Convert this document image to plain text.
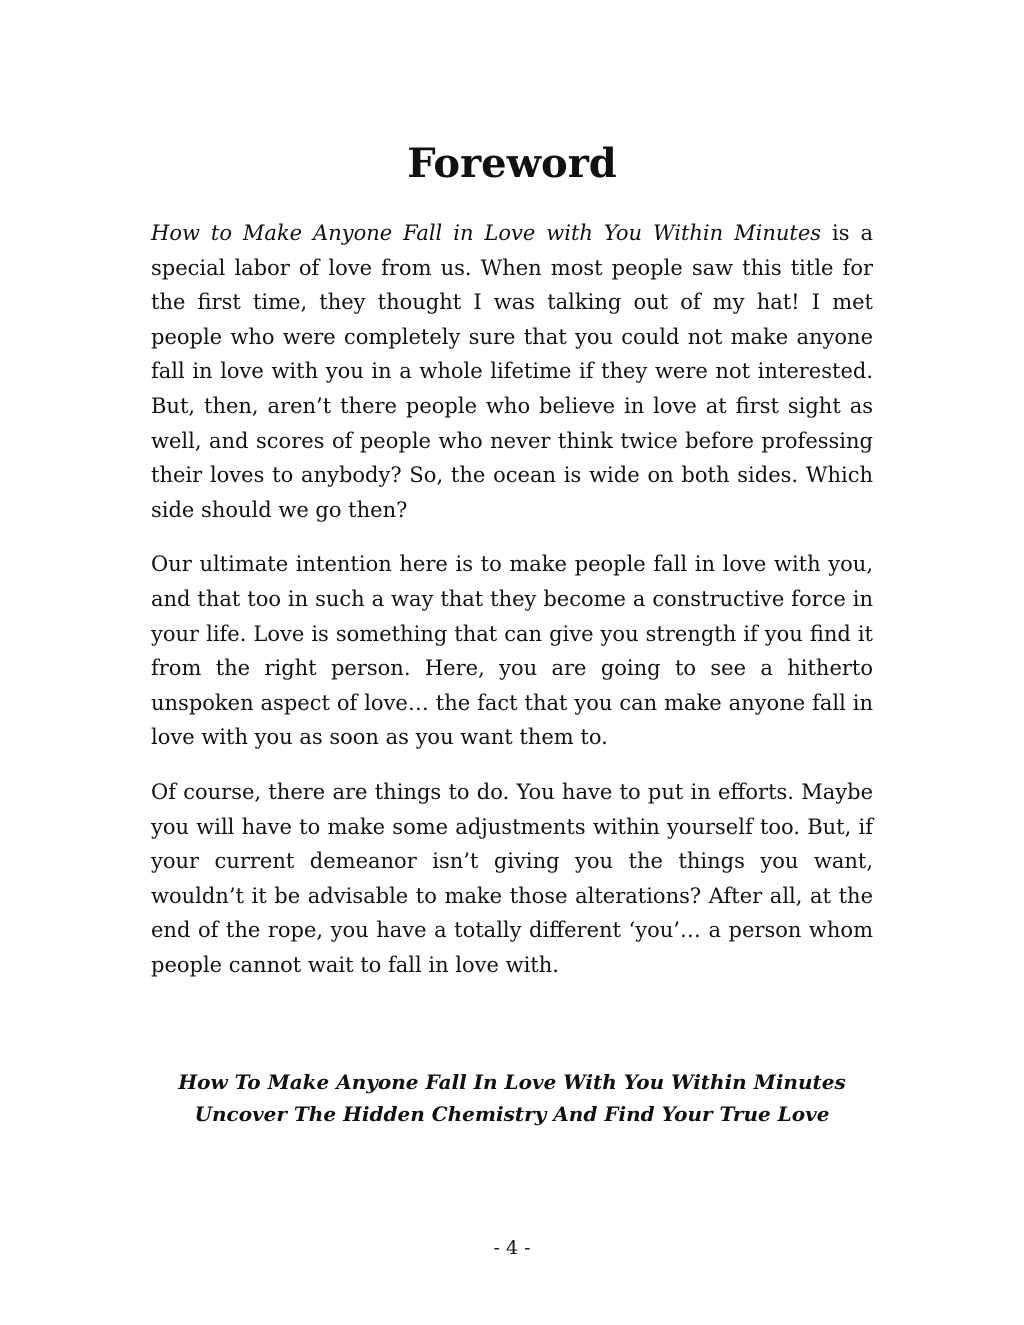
Foreword

How to Make Anyone Fall in Love with You Within Minutes is a special labor of love from us. When most people saw this title for the first time, they thought I was talking out of my hat! I met people who were completely sure that you could not make anyone fall in love with you in a whole lifetime if they were not interested. But, then, aren’t there people who believe in love at first sight as well, and scores of people who never think twice before professing their loves to anybody? So, the ocean is wide on both sides. Which side should we go then?

Our ultimate intention here is to make people fall in love with you, and that too in such a way that they become a constructive force in your life. Love is something that can give you strength if you find it from the right person. Here, you are going to see a hitherto unspoken aspect of love… the fact that you can make anyone fall in love with you as soon as you want them to.

Of course, there are things to do. You have to put in efforts. Maybe you will have to make some adjustments within yourself too. But, if your current demeanor isn’t giving you the things you want, wouldn’t it be advisable to make those alterations? After all, at the end of the rope, you have a totally different ‘you’… a person whom people cannot wait to fall in love with.

How To Make Anyone Fall In Love With You Within Minutes
Uncover The Hidden Chemistry And Find Your True Love
- 4 -
